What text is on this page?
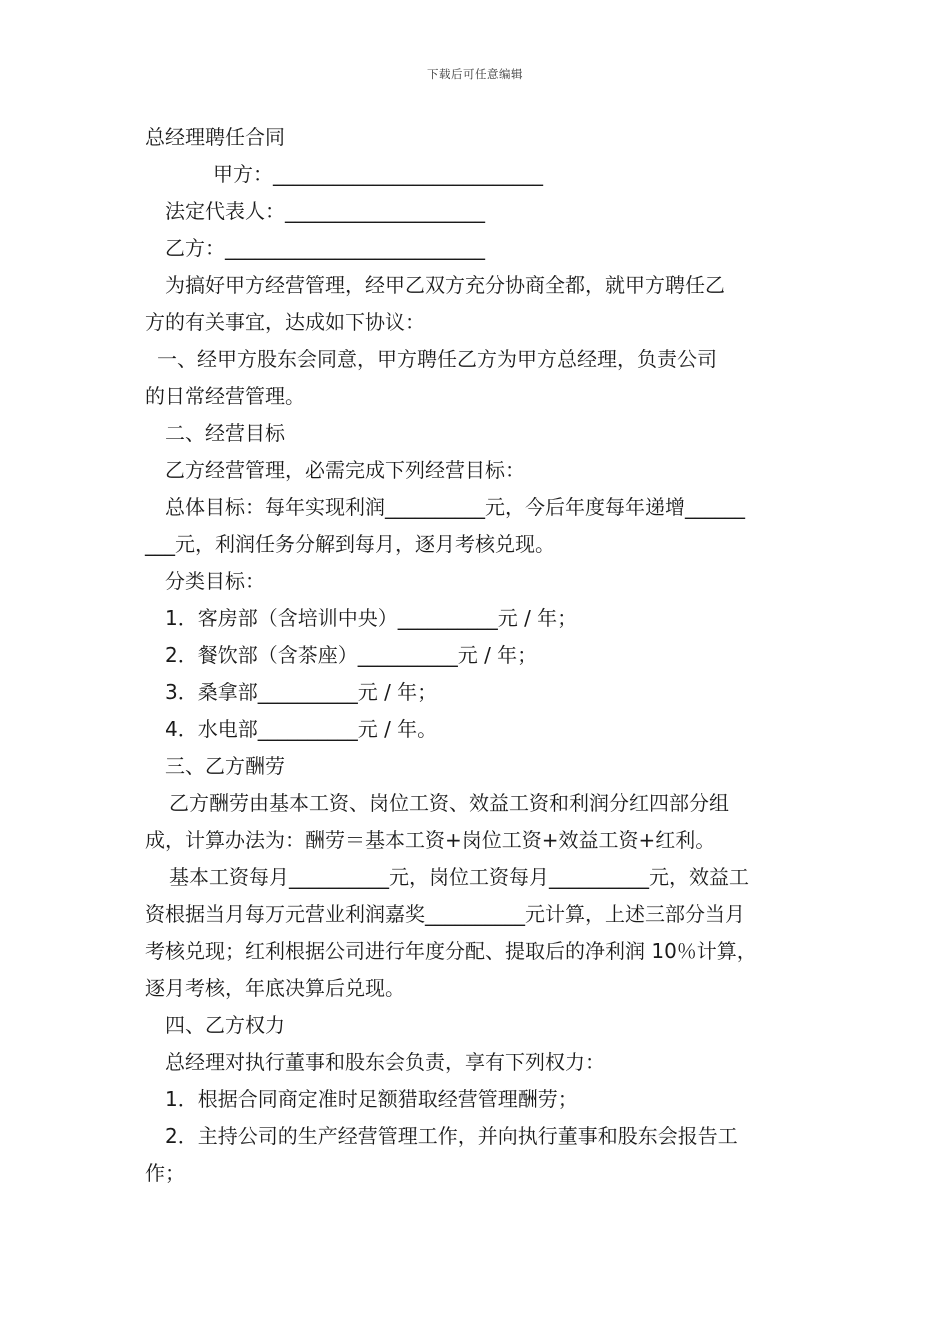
下载后可任意编辑

总经理聘任合同

甲方：___________________________

法定代表人：____________________

乙方：__________________________

为搞好甲方经营管理，经甲乙双方充分协商全都，就甲方聘任乙

方的有关事宜，达成如下协议：

一、经甲方股东会同意，甲方聘任乙方为甲方总经理，负责公司

的日常经营管理。

二、经营目标

乙方经营管理，必需完成下列经营目标：

总体目标：每年实现利润__________元，今后年度每年递增______

___元，利润任务分解到每月，逐月考核兑现。

分类目标：

1．客房部（含培训中央）__________元 / 年；

2．餐饮部（含茶座）__________元 / 年；

3．桑拿部__________元 / 年；

4．水电部__________元 / 年。

三、乙方酬劳

乙方酬劳由基本工资、岗位工资、效益工资和利润分红四部分组

成，计算办法为：酬劳＝基本工资+岗位工资+效益工资+红利。

基本工资每月__________元，岗位工资每月__________元，效益工

资根据当月每万元营业利润嘉奖__________元计算，上述三部分当月

考核兑现；红利根据公司进行年度分配、提取后的净利润 10％计算，

逐月考核，年底决算后兑现。

四、乙方权力

总经理对执行董事和股东会负责，享有下列权力：

1．根据合同商定准时足额猎取经营管理酬劳；

2．主持公司的生产经营管理工作，并向执行董事和股东会报告工

作；
